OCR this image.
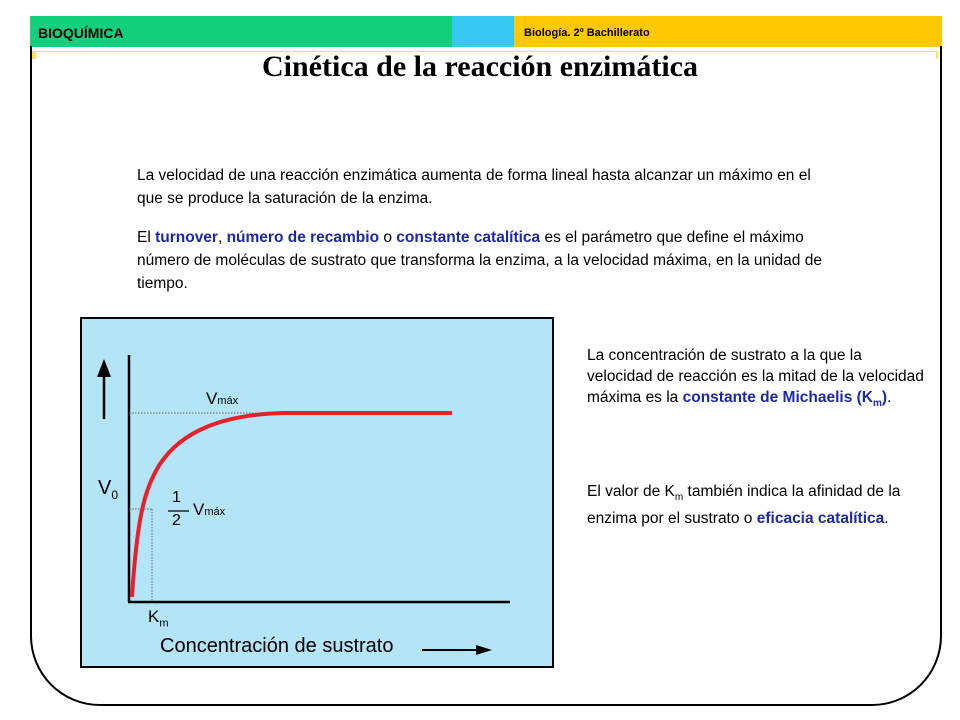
BIOQUÍMICA	Biología. 2º Bachillerato
Cinética de la reacción enzimática
La velocidad de una reacción enzimática aumenta de forma lineal hasta alcanzar un máximo en el que se produce la saturación de la enzima.
El turnover, número de recambio o constante catalítica es el parámetro que define el máximo número de moléculas de sustrato que transforma la enzima, a la velocidad máxima, en la unidad de tiempo.
La concentración de sustrato a la que la velocidad de reacción es la mitad de la velocidad máxima es la constante de Michaelis $(K_m)$.
El valor de $K_m$ también indica la afinidad de la enzima por el sustrato o eficacia catalítica.
Vmáx
1
2
Vmáx
$V_0$
$K_m$
Concentración de sustrato
